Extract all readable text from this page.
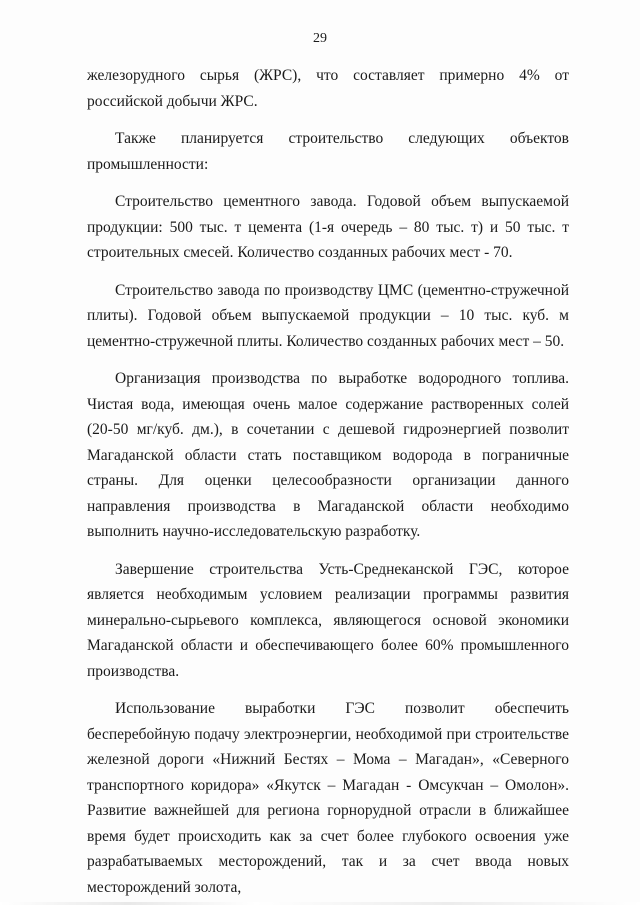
29

железорудного сырья (ЖРС), что составляет примерно 4% от российской добычи ЖРС.

Также планируется строительство следующих объектов промышленности:

Строительство цементного завода. Годовой объем выпускаемой продукции: 500 тыс. т цемента (1-я очередь – 80 тыс. т) и 50 тыс. т строительных смесей. Количество созданных рабочих мест - 70.

Строительство завода по производству ЦМС (цементно-стружечной плиты). Годовой объем выпускаемой продукции – 10 тыс. куб. м цементно-стружечной плиты. Количество созданных рабочих мест – 50.

Организация производства по выработке водородного топлива. Чистая вода, имеющая очень малое содержание растворенных солей (20-50 мг/куб. дм.), в сочетании с дешевой гидроэнергией позволит Магаданской области стать поставщиком водорода в пограничные страны. Для оценки целесообразности организации данного направления производства в Магаданской области необходимо выполнить научно-исследовательскую разработку.

Завершение строительства Усть-Среднеканской ГЭС, которое является необходимым условием реализации программы развития минерально-сырьевого комплекса, являющегося основой экономики Магаданской области и обеспечивающего более 60% промышленного производства.

Использование выработки ГЭС позволит обеспечить бесперебойную подачу электроэнергии, необходимой при строительстве железной дороги «Нижний Бестях – Мома – Магадан», «Северного транспортного коридора» «Якутск – Магадан - Омсукчан – Омолон». Развитие важнейшей для региона горнорудной отрасли в ближайшее время будет происходить как за счет более глубокого освоения уже разрабатываемых месторождений, так и за счет ввода новых месторождений золота,
